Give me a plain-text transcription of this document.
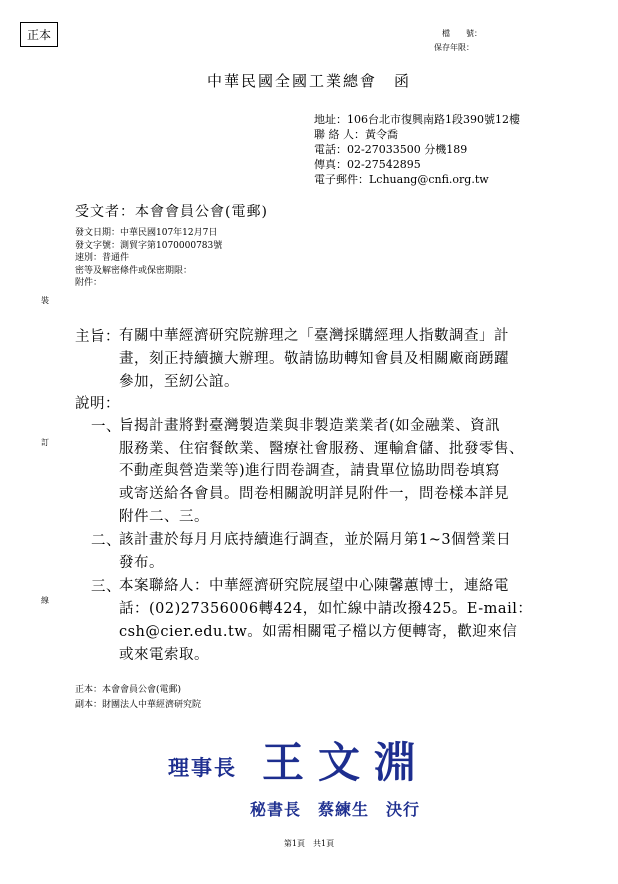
正本	檔　　號：
保存年限：
中華民國全國工業總會　函
地址：106台北市復興南路1段390號12樓
聯 絡 人：黃令喬
電話：02-27033500 分機189
傳真：02-27542895
電子郵件：Lchuang@cnfi.org.tw
受文者：本會會員公會(電郵)
發文日期：中華民國107年12月7日
發文字號：測貿字第1070000783號
速別：普通件
密等及解密條件或保密期限：
附件：
裝
訂
線
主旨： 有關中華經濟研究院辦理之「臺灣採購經理人指數調查」計
畫，刻正持續擴大辦理。敬請協助轉知會員及相關廠商踴躍
參加，至紉公誼。
說明：
一、
旨揭計畫將對臺灣製造業與非製造業業者(如金融業、資訊
服務業、住宿餐飲業、醫療社會服務、運輸倉儲、批發零售、
不動產與營造業等)進行問卷調查，請貴單位協助問卷填寫
或寄送給各會員。問卷相關說明詳見附件一，問卷樣本詳見
附件二、三。
二、
該計畫於每月月底持續進行調查，並於隔月第1~3個營業日
發布。
三、
本案聯絡人：中華經濟研究院展望中心陳馨蕙博士，連絡電
話：(02)27356006轉424，如忙線中請改撥425。E-mail：
csh@cier.edu.tw。如需相關電子檔以方便轉寄，歡迎來信
或來電索取。
正本：本會會員公會(電郵)
副本：財團法人中華經濟研究院
理事長 王文淵
秘書長　蔡練生　決行
第1頁　共1頁
